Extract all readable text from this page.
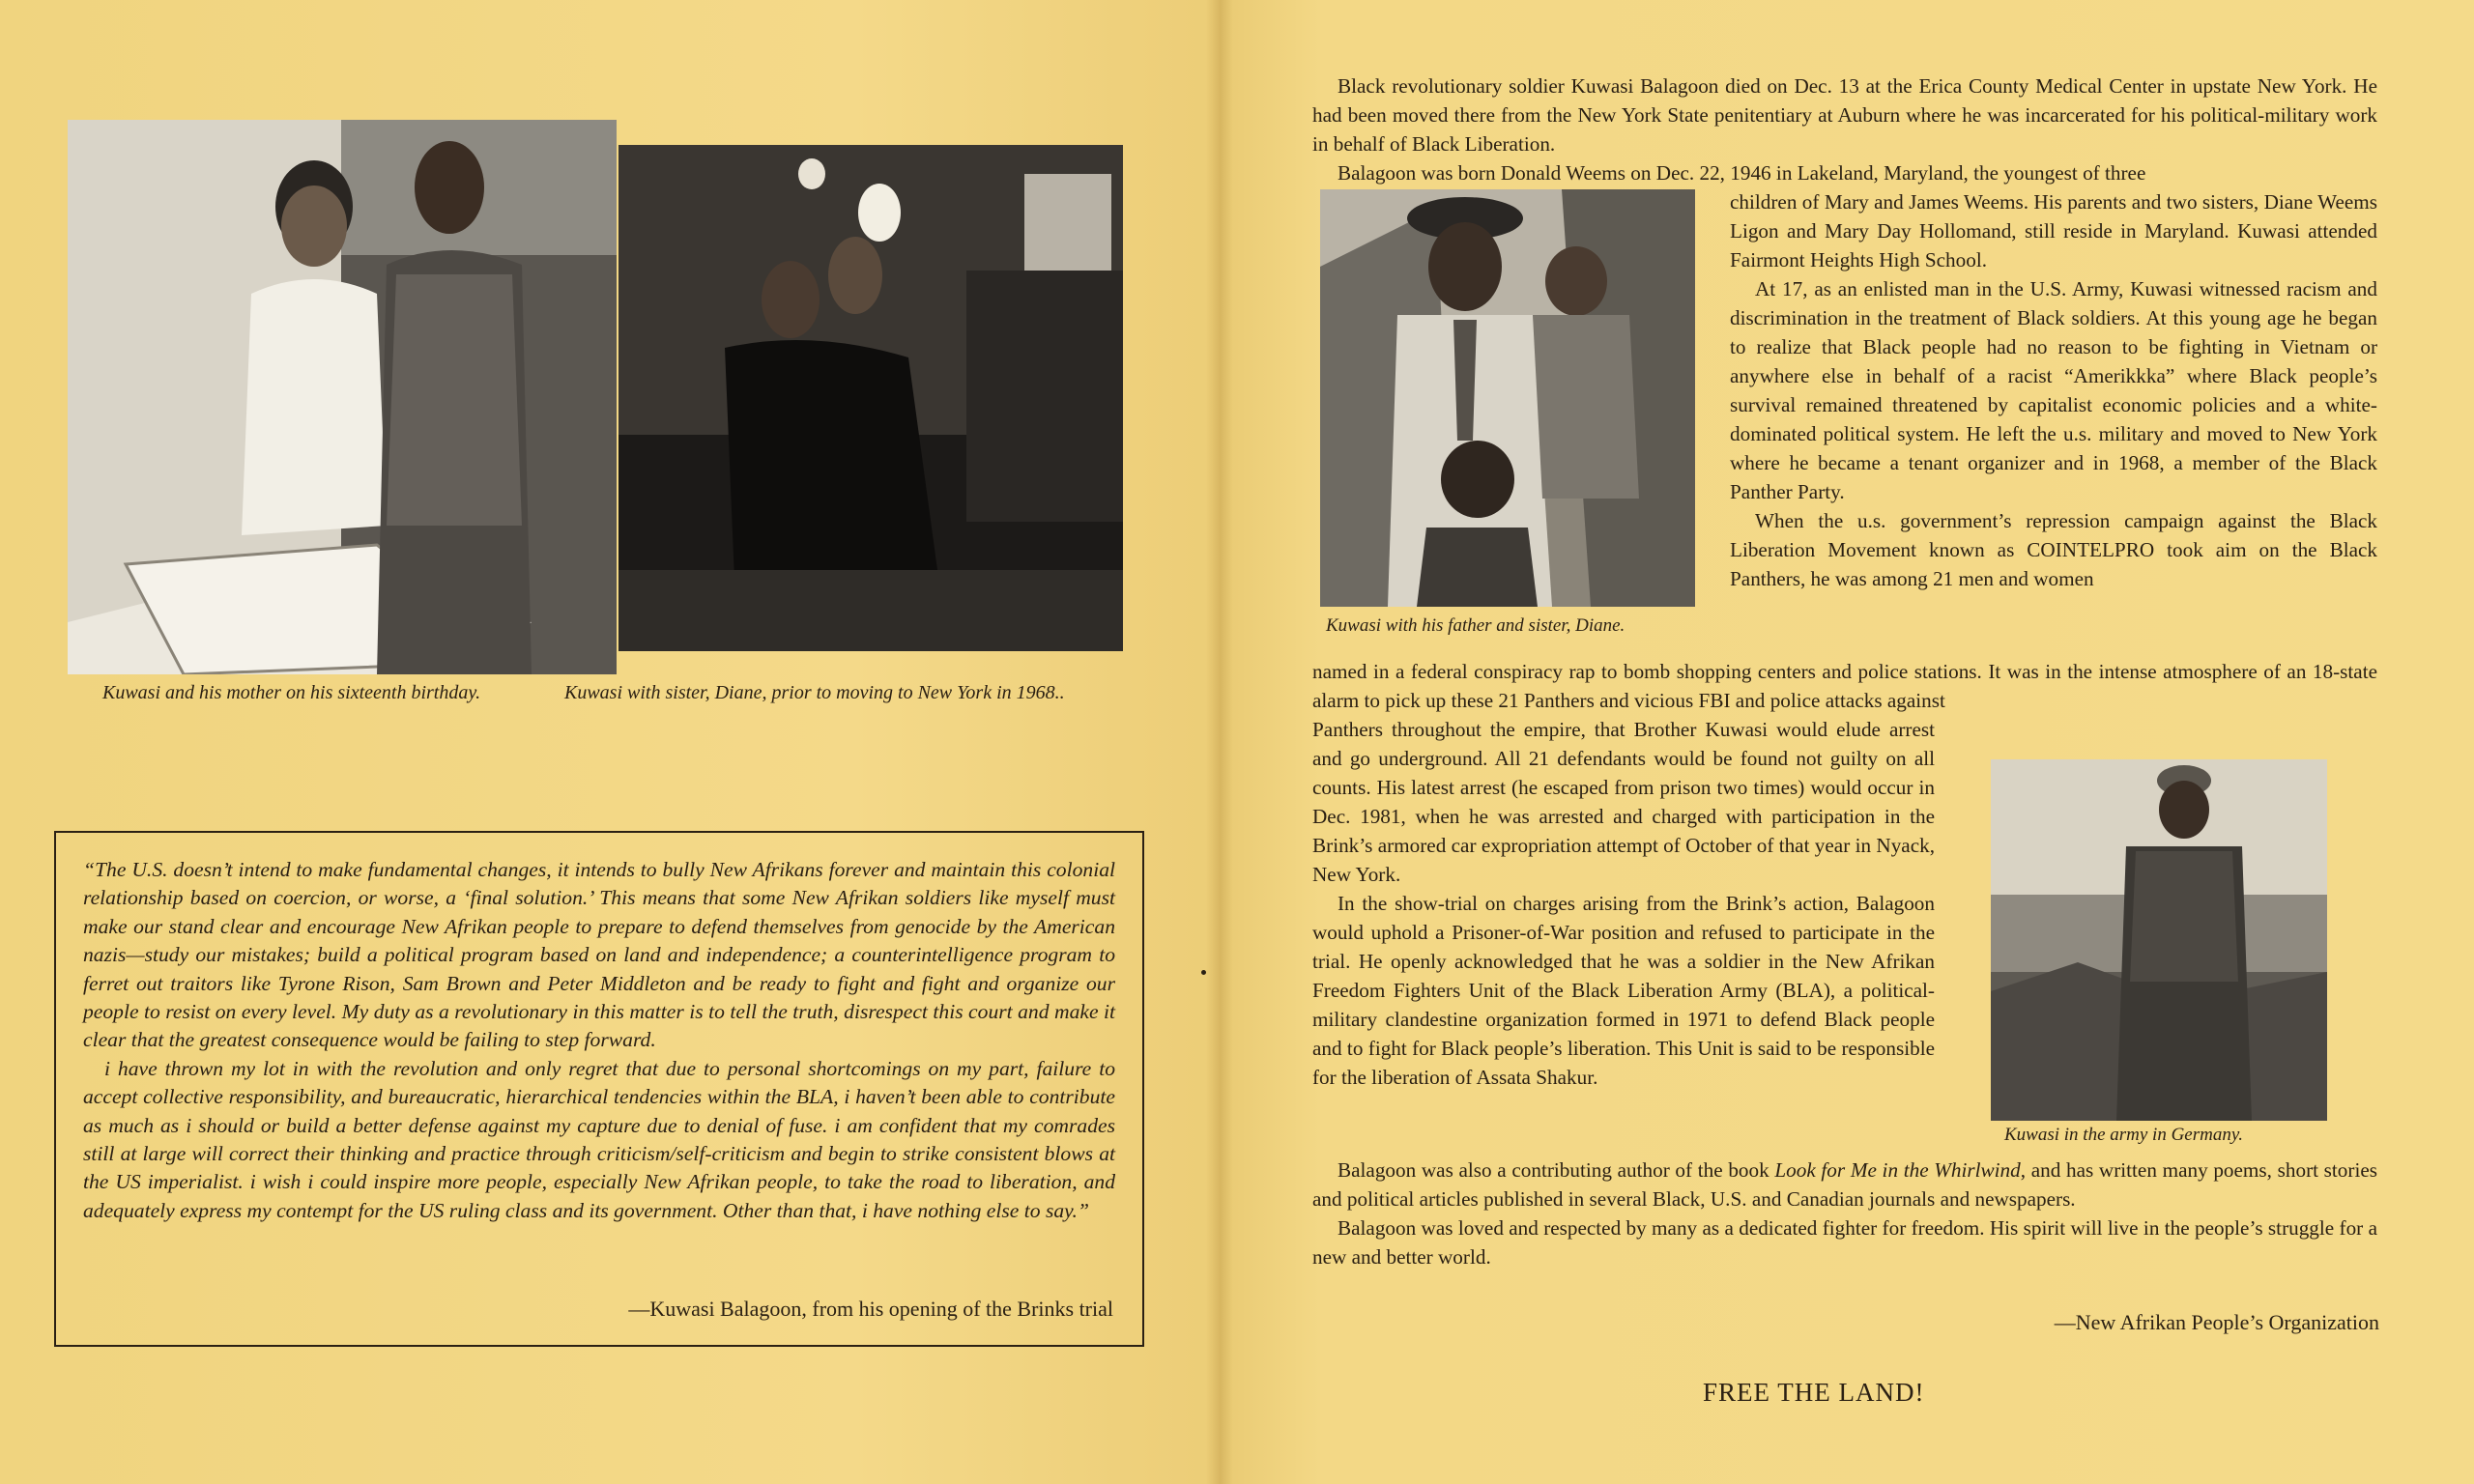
Kuwasi and his mother on his sixteenth birthday.	Kuwasi with sister, Diane, prior to moving to New York in 1968..

“The U.S. doesn’t intend to make fundamental changes, it intends to bully New Afrikans forever and maintain this colonial relationship based on coercion, or worse, a ‘final solution.’ This means that some New Afrikan soldiers like myself must make our stand clear and encourage New Afrikan people to prepare to defend themselves from genocide by the American nazis—study our mistakes; build a political program based on land and independence; a counterintelligence program to ferret out traitors like Tyrone Rison, Sam Brown and Peter Middleton and be ready to fight and fight and organize our people to resist on every level. My duty as a revolutionary in this matter is to tell the truth, disrespect this court and make it clear that the greatest consequence would be failing to step forward.

i have thrown my lot in with the revolution and only regret that due to personal shortcomings on my part, failure to accept collective responsibility, and bureaucratic, hierarchical tendencies within the BLA, i haven’t been able to contribute as much as i should or build a better defense against my capture due to denial of fuse. i am confident that my comrades still at large will correct their thinking and practice through criticism/self-criticism and begin to strike consistent blows at the US imperialist. i wish i could inspire more people, especially New Afrikan people, to take the road to liberation, and adequately express my contempt for the US ruling class and its government. Other than that, i have nothing else to say.”

—Kuwasi Balagoon, from his opening of the Brinks trial

Black revolutionary soldier Kuwasi Balagoon died on Dec. 13 at the Erica County Medical Center in upstate New York. He had been moved there from the New York State penitentiary at Auburn where he was incarcerated for his political-military work in behalf of Black Liberation.

Balagoon was born Donald Weems on Dec. 22, 1946 in Lakeland, Maryland, the youngest of three

Kuwasi with his father and sister, Diane.

children of Mary and James Weems. His parents and two sisters, Diane Weems Ligon and Mary Day Hollomand, still reside in Maryland. Kuwasi attended Fairmont Heights High School.

At 17, as an enlisted man in the U.S. Army, Kuwasi witnessed racism and discrimination in the treatment of Black soldiers. At this young age he began to realize that Black people had no reason to be fighting in Vietnam or anywhere else in behalf of a racist “Amerikkka” where Black people’s survival remained threatened by capitalist economic policies and a white-dominated political system. He left the u.s. military and moved to New York where he became a tenant organizer and in 1968, a member of the Black Panther Party.

When the u.s. government’s repression campaign against the Black Liberation Movement known as COINTELPRO took aim on the Black Panthers, he was among 21 men and women

named in a federal conspiracy rap to bomb shopping centers and police stations. It was in the intense atmosphere of an 18-state alarm to pick up these 21 Panthers and vicious FBI and police attacks against

Panthers throughout the empire, that Brother Kuwasi would elude arrest and go underground. All 21 defendants would be found not guilty on all counts. His latest arrest (he escaped from prison two times) would occur in Dec. 1981, when he was arrested and charged with participation in the Brink’s armored car expropriation attempt of October of that year in Nyack, New York.

In the show-trial on charges arising from the Brink’s action, Balagoon would uphold a Prisoner-of-War position and refused to participate in the trial. He openly acknowledged that he was a soldier in the New Afrikan Freedom Fighters Unit of the Black Liberation Army (BLA), a political-military clandestine organization formed in 1971 to defend Black people and to fight for Black people’s liberation. This Unit is said to be responsible for the liberation of Assata Shakur.

Kuwasi in the army in Germany.

Balagoon was also a contributing author of the book Look for Me in the Whirlwind, and has written many poems, short stories and political articles published in several Black, U.S. and Canadian journals and newspapers.

Balagoon was loved and respected by many as a dedicated fighter for freedom. His spirit will live in the people’s struggle for a new and better world.

—New Afrikan People’s Organization
FREE THE LAND!
